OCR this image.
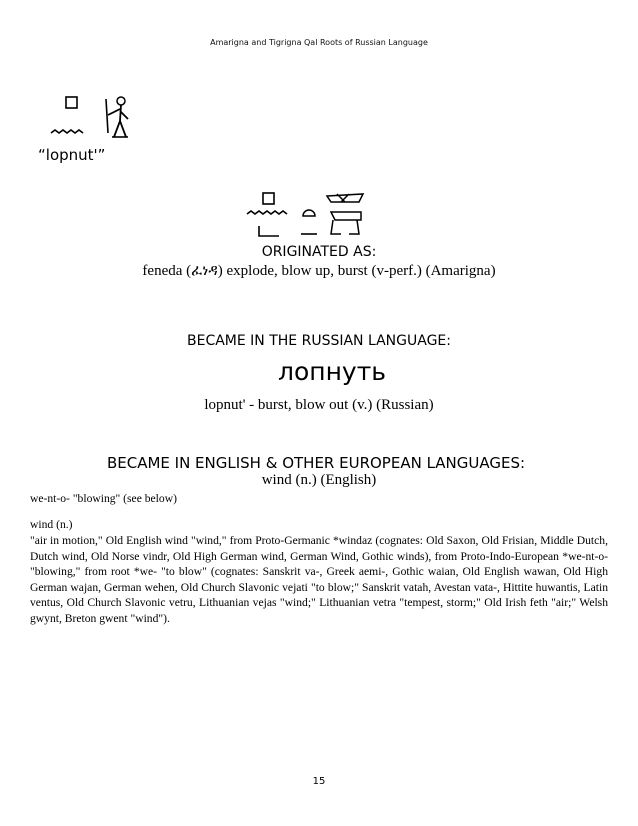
Amarigna and Tigrigna Qal Roots of Russian Language
“lopnut'”
ORIGINATED AS:
feneda (ፈነዳ) explode, blow up, burst (v-perf.) (Amarigna)
BECAME IN THE RUSSIAN LANGUAGE:
лопнуть
lopnut' - burst, blow out (v.) (Russian)
BECAME IN ENGLISH & OTHER EUROPEAN LANGUAGES:
wind (n.) (English)
we-nt-o- "blowing" (see below)
wind (n.)
"air in motion," Old English wind "wind," from Proto-Germanic *windaz (cognates: Old Saxon, Old Frisian, Middle Dutch, Dutch wind, Old Norse vindr, Old High German wind, German Wind, Gothic winds), from Proto-Indo-European *we-nt-o- "blowing," from root *we- "to blow" (cognates: Sanskrit va-, Greek aemi-, Gothic waian, Old English wawan, Old High German wajan, German wehen, Old Church Slavonic vejati "to blow;" Sanskrit vatah, Avestan vata-, Hittite huwantis, Latin ventus, Old Church Slavonic vetru, Lithuanian vejas "wind;" Lithuanian vetra "tempest, storm;" Old Irish feth "air;" Welsh gwynt, Breton gwent "wind").
15
